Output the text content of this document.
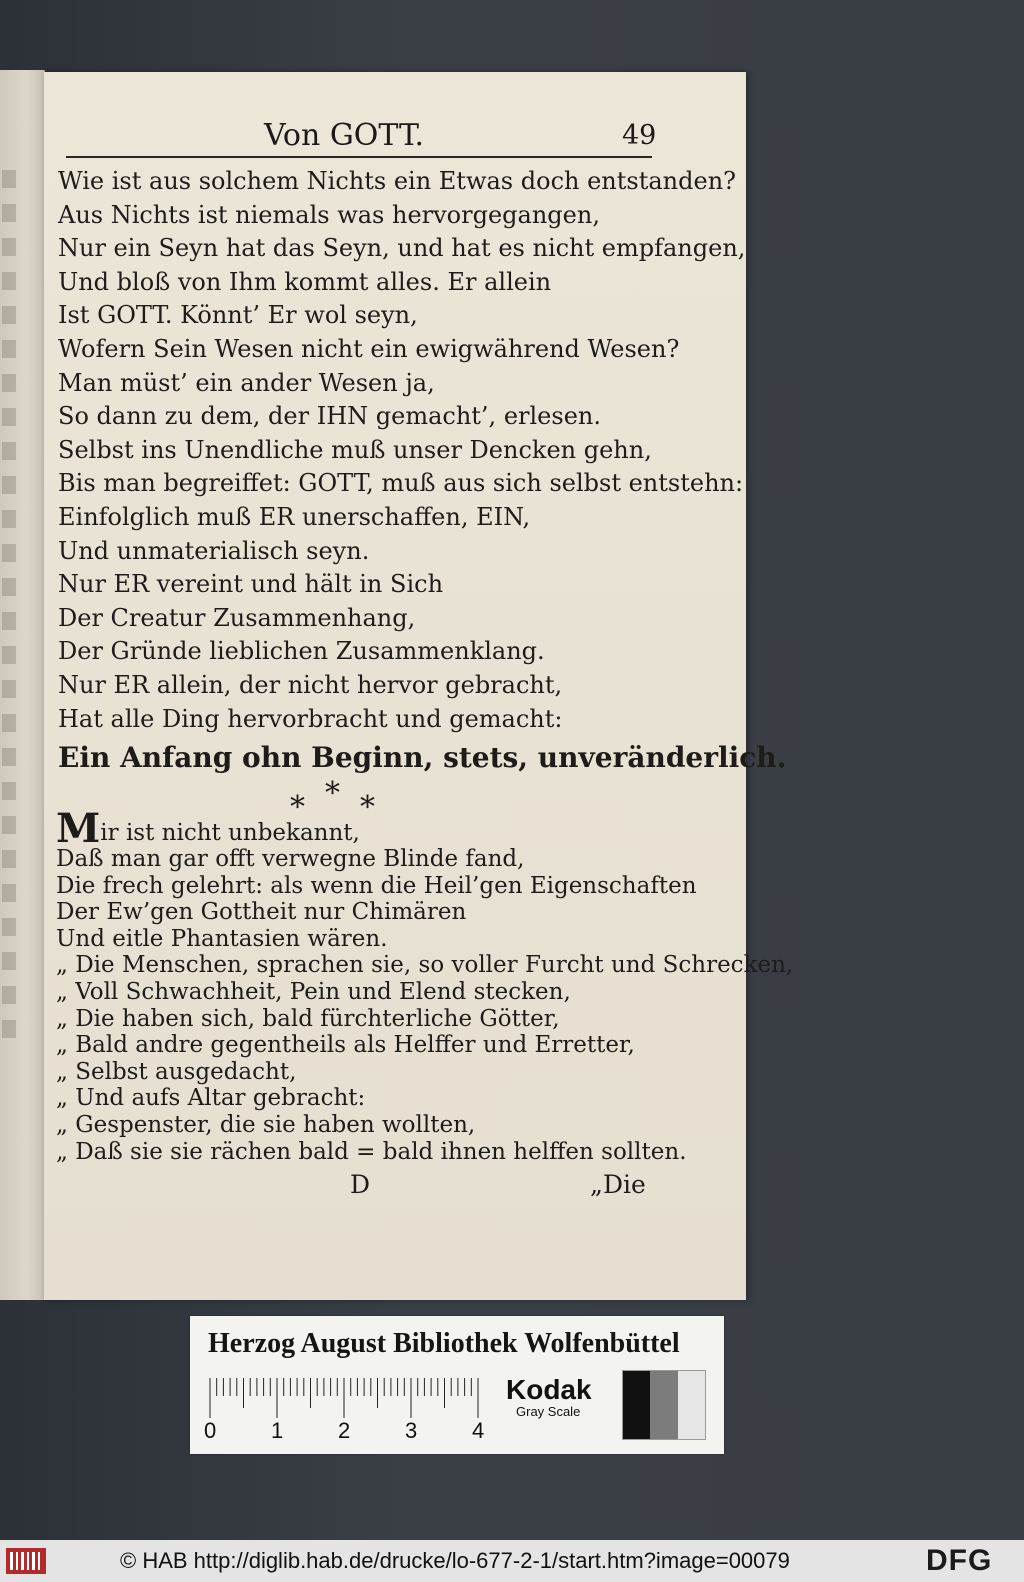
Von GOTT.	49
Wie ist aus solchem Nichts ein Etwas doch entstanden?
Aus Nichts ist niemals was hervorgegangen,
Nur ein Seyn hat das Seyn, und hat es nicht empfangen,
Und bloß von Ihm kommt alles. Er allein
Ist GOTT. Könnt’ Er wol seyn,
Wofern Sein Wesen nicht ein ewigwährend Wesen?
Man müst’ ein ander Wesen ja,
So dann zu dem, der IHN gemacht’, erlesen.
Selbst ins Unendliche muß unser Dencken gehn,
Bis man begreiffet: GOTT, muß aus sich selbst entstehn:
Einfolglich muß ER unerschaffen, EIN,
Und unmaterialisch seyn.
Nur ER vereint und hält in Sich
Der Creatur Zusammenhang,
Der Gründe lieblichen Zusammenklang.
Nur ER allein, der nicht hervor gebracht,
Hat alle Ding hervorbracht und gemacht:
Ein Anfang ohn Beginn, stets, unveränderlich.
***
Mir ist nicht unbekannt,
Daß man gar offt verwegne Blinde fand,
Die frech gelehrt: als wenn die Heil’gen Eigenschaften
Der Ew’gen Gottheit nur Chimären
Und eitle Phantasien wären.
„ Die Menschen, sprachen sie, so voller Furcht und Schrecken,
„ Voll Schwachheit, Pein und Elend stecken,
„ Die haben sich, bald fürchterliche Götter,
„ Bald andre gegentheils als Helffer und Erretter,
„ Selbst ausgedacht,
„ Und aufs Altar gebracht:
„ Gespenster, die sie haben wollten,
„ Daß sie sie rächen bald = bald ihnen helffen sollten.
D	„Die
Herzog August Bibliothek Wolfenbüttel
0 1 2 3 4
Kodak
Gray Scale
© HAB http://diglib.hab.de/drucke/lo-677-2-1/start.htm?image=00079	DFG
